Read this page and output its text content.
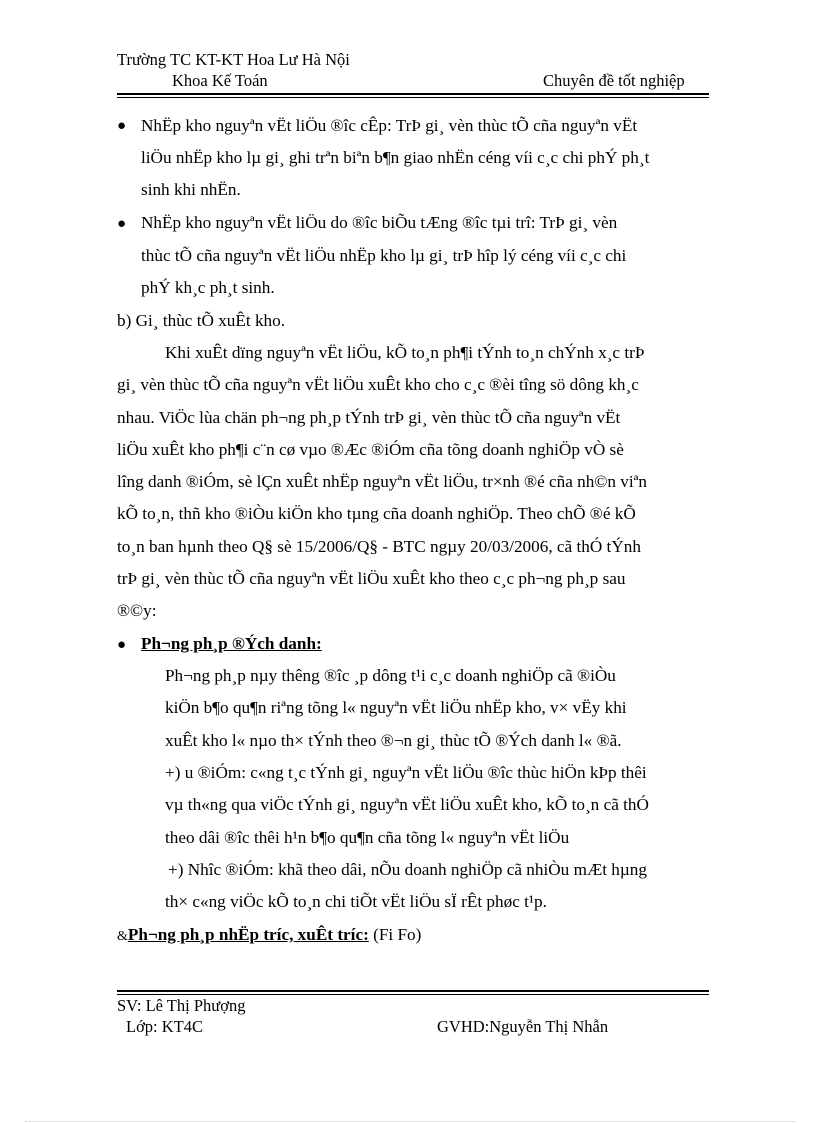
Trường TC KT-KT Hoa Lư Hà Nội
Khoa Kế Toán	Chuyên đề tốt nghiệp
● NhËp kho nguyªn vËt liÖu ®îc cÊp: TrÞ gi¸ vèn thùc tÕ cña nguyªn vËt
liÖu nhËp kho lµ gi¸ ghi trªn biªn b¶n giao nhËn céng víi c¸c chi phÝ ph¸t
sinh khi nhËn.
● NhËp kho nguyªn vËt liÖu do ®îc biÕu tÆng ®îc tµi trî: TrÞ gi¸ vèn
thùc tÕ cña nguyªn vËt liÖu nhËp kho lµ gi¸ trÞ hîp lý céng víi c¸c chi
phÝ kh¸c ph¸t sinh.
b) Gi¸ thùc tÕ xuÊt kho.
Khi xuÊt dïng nguyªn vËt liÖu, kÕ to¸n ph¶i tÝnh to¸n chÝnh x¸c trÞ
gi¸ vèn thùc tÕ cña nguyªn vËt liÖu xuÊt kho cho c¸c ®èi tîng sö dông kh¸c
nhau. ViÖc lùa chän ph¬ng ph¸p tÝnh trÞ gi¸ vèn thùc tÕ cña nguyªn vËt
liÖu xuÊt kho ph¶i c¨n cø vµo ®Æc ®iÓm cña tõng doanh nghiÖp vÒ sè
lîng danh ®iÓm, sè lÇn xuÊt nhËp nguyªn vËt liÖu, tr×nh ®é cña nh©n viªn
kÕ to¸n, thñ kho ®iÒu kiÖn kho tµng cña doanh nghiÖp. Theo chÕ ®é kÕ
to¸n ban hµnh theo Q§ sè 15/2006/Q§ - BTC ngµy 20/03/2006, cã thÓ tÝnh
trÞ gi¸ vèn thùc tÕ cña nguyªn vËt liÖu xuÊt kho theo c¸c ph¬ng ph¸p sau
®©y:
● Ph¬ng ph¸p ®Ých danh:
Ph¬ng ph¸p nµy thêng ®îc ¸p dông t¹i c¸c doanh nghiÖp cã ®iÒu
kiÖn b¶o qu¶n riªng tõng l« nguyªn vËt liÖu nhËp kho, v× vËy khi
xuÊt kho l« nµo th× tÝnh theo ®¬n gi¸ thùc tÕ ®Ých danh l« ®ã.
+) u ®iÓm: c«ng t¸c tÝnh gi¸ nguyªn vËt liÖu ®îc thùc hiÖn kÞp thêi
vµ th«ng qua viÖc tÝnh gi¸ nguyªn vËt liÖu xuÊt kho, kÕ to¸n cã thÓ
theo dâi ®îc thêi h¹n b¶o qu¶n cña tõng l« nguyªn vËt liÖu
+) Nhîc ®iÓm: khã theo dâi, nÕu doanh nghiÖp cã nhiÒu mÆt hµng
th× c«ng viÖc kÕ to¸n chi tiÕt vËt liÖu sÏ rÊt phøc t¹p.
&Ph¬ng ph¸p nhËp tríc, xuÊt tríc: (Fi Fo)
SV: Lê Thị Phượng
Lớp: KT4C	GVHD:Nguyễn Thị Nhẫn
